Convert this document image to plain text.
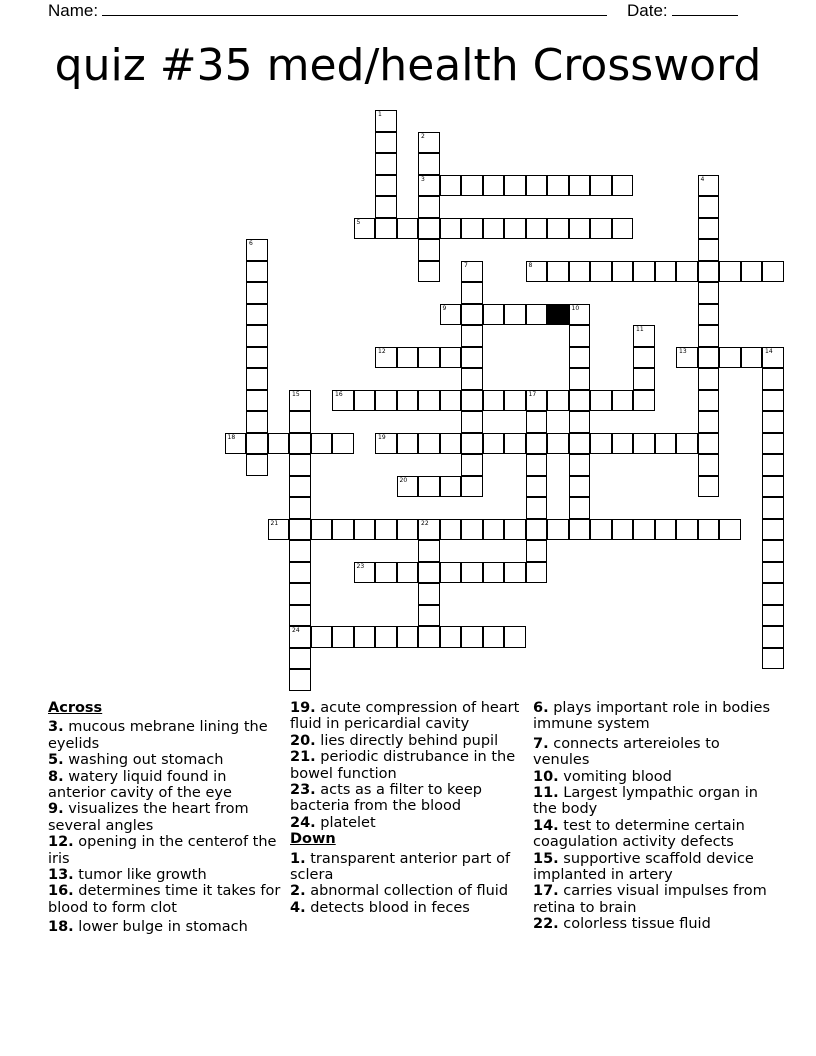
Name:	Date:
quiz #35 med/health Crossword
1
2
3	4
5
6
7	8
9	10
11
12	13	14
15
24
16	17
18	19
20
21	22
23
Across
3. mucous mebrane lining the eyelids
5. washing out stomach
8. watery liquid found in anterior cavity of the eye
9. visualizes the heart from several angles
12. opening in the centerof the iris
13. tumor like growth
16. determines time it takes for blood to form clot
18. lower bulge in stomach
19. acute compression of heart fluid in pericardial cavity
20. lies directly behind pupil
21. periodic distrubance in the bowel function
23. acts as a filter to keep bacteria from the blood
24. platelet
Down
1. transparent anterior part of sclera
2. abnormal collection of fluid
4. detects blood in feces
6. plays important role in bodies immune system
7. connects artereioles to venules
10. vomiting blood
11. Largest lympathic organ in the body
14. test to determine certain coagulation activity defects
15. supportive scaffold device implanted in artery
17. carries visual impulses from retina to brain
22. colorless tissue fluid
